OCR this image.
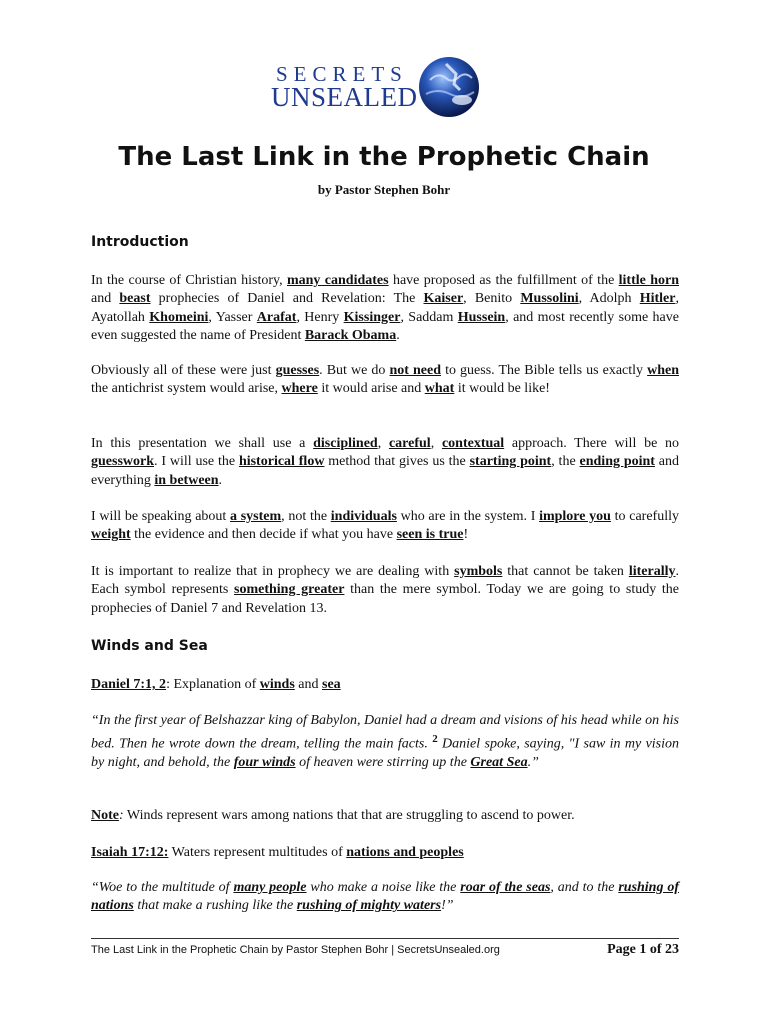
SECRETS
UNSEALED
The Last Link in the Prophetic Chain
by Pastor Stephen Bohr
Introduction
In the course of Christian history, many candidates have proposed as the fulfillment of the little horn and beast prophecies of Daniel and Revelation: The Kaiser, Benito Mussolini, Adolph Hitler, Ayatollah Khomeini, Yasser Arafat, Henry Kissinger, Saddam Hussein, and most recently some have even suggested the name of President Barack Obama.
Obviously all of these were just guesses. But we do not need to guess. The Bible tells us exactly when the antichrist system would arise, where it would arise and what it would be like!
In this presentation we shall use a disciplined, careful, contextual approach. There will be no guesswork. I will use the historical flow method that gives us the starting point, the ending point and everything in between.
I will be speaking about a system, not the individuals who are in the system. I implore you to carefully weight the evidence and then decide if what you have seen is true!
It is important to realize that in prophecy we are dealing with symbols that cannot be taken literally. Each symbol represents something greater than the mere symbol. Today we are going to study the prophecies of Daniel 7 and Revelation 13.
Winds and Sea
Daniel 7:1, 2: Explanation of winds and sea
“In the first year of Belshazzar king of Babylon, Daniel had a dream and visions of his head while on his bed. Then he wrote down the dream, telling the main facts. $^2$ Daniel spoke, saying, "I saw in my vision by night, and behold, the four winds of heaven were stirring up the Great Sea.”
Note: Winds represent wars among nations that that are struggling to ascend to power.
Isaiah 17:12: Waters represent multitudes of nations and peoples
“Woe to the multitude of many people who make a noise like the roar of the seas, and to the rushing of nations that make a rushing like the rushing of mighty waters!”
The Last Link in the Prophetic Chain by Pastor Stephen Bohr | SecretsUnsealed.org	Page 1 of 23
